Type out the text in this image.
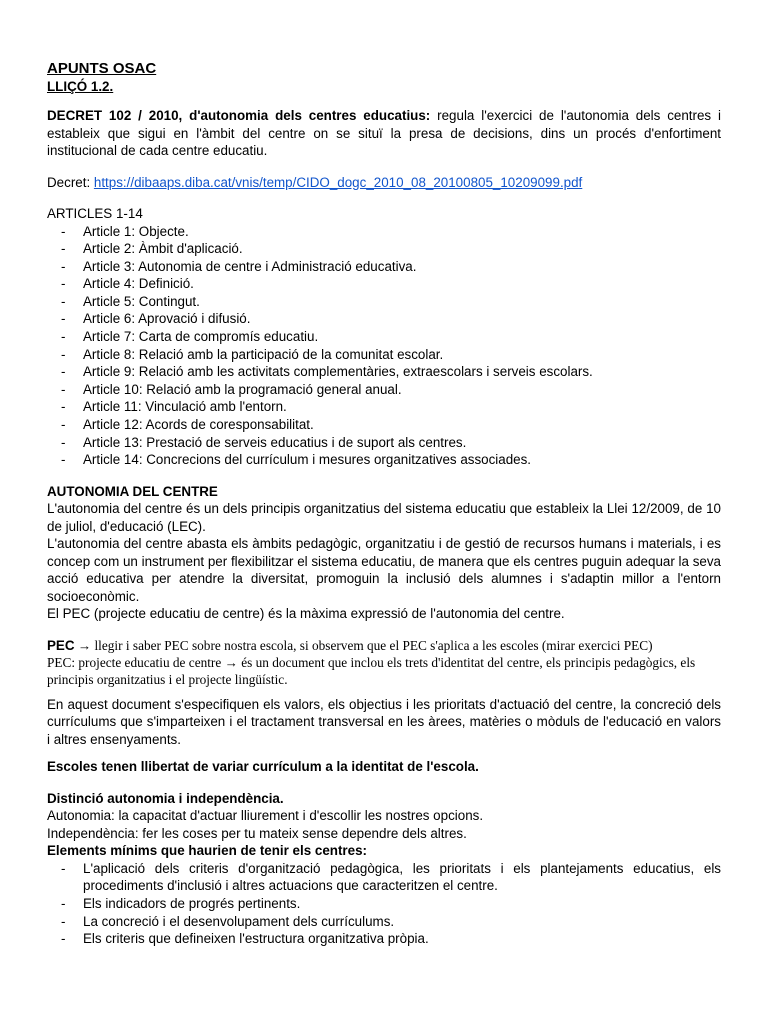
APUNTS OSAC
LLIÇÓ 1.2.

DECRET 102 / 2010, d'autonomia dels centres educatius: regula l'exercici de l'autonomia dels centres i estableix que sigui en l'àmbit del centre on se situï la presa de decisions, dins un procés d'enfortiment institucional de cada centre educatiu.

Decret: https://dibaaps.diba.cat/vnis/temp/CIDO_dogc_2010_08_20100805_10209099.pdf

ARTICLES 1-14

- Article 1: Objecte.
- Article 2: Àmbit d'aplicació.
- Article 3: Autonomia de centre i Administració educativa.
- Article 4: Definició.
- Article 5: Contingut.
- Article 6: Aprovació i difusió.
- Article 7: Carta de compromís educatiu.
- Article 8: Relació amb la participació de la comunitat escolar.
- Article 9: Relació amb les activitats complementàries, extraescolars i serveis escolars.
- Article 10: Relació amb la programació general anual.
- Article 11: Vinculació amb l'entorn.
- Article 12: Acords de coresponsabilitat.
- Article 13: Prestació de serveis educatius i de suport als centres.
- Article 14: Concrecions del currículum i mesures organitzatives associades.

AUTONOMIA DEL CENTRE

L'autonomia del centre és un dels principis organitzatius del sistema educatiu que estableix la Llei 12/2009, de 10 de juliol, d'educació (LEC).

L'autonomia del centre abasta els àmbits pedagògic, organitzatiu i de gestió de recursos humans i materials, i es concep com un instrument per flexibilitzar el sistema educatiu, de manera que els centres puguin adequar la seva acció educativa per atendre la diversitat, promoguin la inclusió dels alumnes i s'adaptin millor a l'entorn socioeconòmic.

El PEC (projecte educatiu de centre) és la màxima expressió de l'autonomia del centre.

PEC → llegir i saber PEC sobre nostra escola, si observem que el PEC s'aplica a les escoles (mirar exercici PEC)

PEC: projecte educatiu de centre → és un document que inclou els trets d'identitat del centre, els principis pedagògics, els principis organitzatius i el projecte lingüístic.

En aquest document s'especifiquen els valors, els objectius i les prioritats d'actuació del centre, la concreció dels currículums que s'imparteixen i el tractament transversal en les àrees, matèries o mòduls de l'educació en valors i altres ensenyaments.

Escoles tenen llibertat de variar currículum a la identitat de l'escola.

Distinció autonomia i independència.

Autonomia: la capacitat d'actuar lliurement i d'escollir les nostres opcions.

Independència: fer les coses per tu mateix sense dependre dels altres.

Elements mínims que haurien de tenir els centres:

- L'aplicació dels criteris d'organització pedagògica, les prioritats i els plantejaments educatius, els procediments d'inclusió i altres actuacions que caracteritzen el centre.
- Els indicadors de progrés pertinents.
- La concreció i el desenvolupament dels currículums.
- Els criteris que defineixen l'estructura organitzativa pròpia.
